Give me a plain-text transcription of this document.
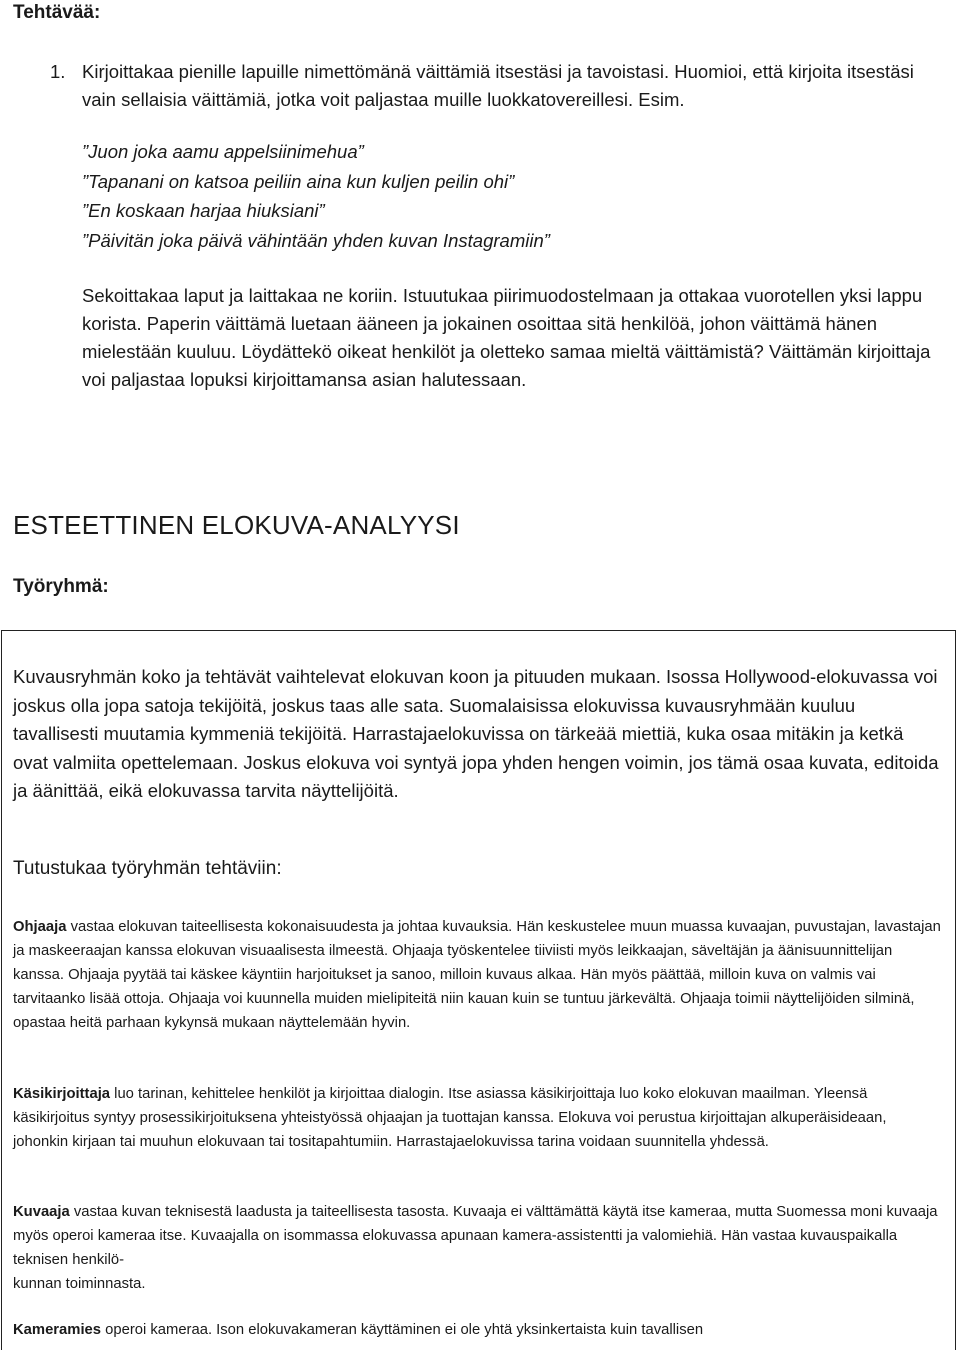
Tehtävää:
1. Kirjoittakaa pienille lapuille nimettömänä väittämiä itsestäsi ja tavoistasi. Huomioi, että kirjoita itsestäsi vain sellaisia väittämiä, jotka voit paljastaa muille luokkatovereillesi. Esim.
”Juon joka aamu appelsiinimehua”
”Tapanani on katsoa peiliin aina kun kuljen peilin ohi”
”En koskaan harjaa hiuksiani”
”Päivitän joka päivä vähintään yhden kuvan Instagramiin”
Sekoittakaa laput ja laittakaa ne koriin. Istuutukaa piirimuodostelmaan ja ottakaa vuorotellen yksi lappu korista. Paperin väittämä luetaan ääneen ja jokainen osoittaa sitä henkilöä, johon väittämä hänen mielestään kuuluu. Löydättekö oikeat henkilöt ja oletteko samaa mieltä väittämistä? Väittämän kirjoittaja voi paljastaa lopuksi kirjoittamansa asian halutessaan.
ESTEETTINEN ELOKUVA-ANALYYSI
Työryhmä:
Kuvausryhmän koko ja tehtävät vaihtelevat elokuvan koon ja pituuden mukaan. Isossa Hollywood-elokuvassa voi joskus olla jopa satoja tekijöitä, joskus taas alle sata. Suomalaisissa elokuvissa kuvausryhmään kuuluu tavallisesti muutamia kymmeniä tekijöitä. Harrastajaelokuvissa on tärkeää miettiä, kuka osaa mitäkin ja ketkä ovat valmiita opettelemaan. Joskus elokuva voi syntyä jopa yhden hengen voimin, jos tämä osaa kuvata, editoida ja äänittää, eikä elokuvassa tarvita näyttelijöitä.
Tutustukaa työryhmän tehtäviin:
Ohjaaja vastaa elokuvan taiteellisesta kokonaisuudesta ja johtaa kuvauksia. Hän keskustelee muun muassa kuvaajan, puvustajan, lavastajan ja maskeeraajan kanssa elokuvan visuaalisesta ilmeestä. Ohjaaja työskentelee tiiviisti myös leikkaajan, säveltäjän ja äänisuunnittelijan kanssa. Ohjaaja pyytää tai käskee käyntiin harjoitukset ja sanoo, milloin kuvaus alkaa. Hän myös päättää, milloin kuva on valmis vai tarvitaanko lisää ottoja. Ohjaaja voi kuunnella muiden mielipiteitä niin kauan kuin se tuntuu järkevältä. Ohjaaja toimii näyttelijöiden silminä, opastaa heitä parhaan kykynsä mukaan näyttelemään hyvin.
Käsikirjoittaja luo tarinan, kehittelee henkilöt ja kirjoittaa dialogin. Itse asiassa käsikirjoittaja luo koko elokuvan maailman. Yleensä käsikirjoitus syntyy prosessikirjoituksena yhteistyössä ohjaajan ja tuottajan kanssa. Elokuva voi perustua kirjoittajan alkuperäisideaan, johonkin kirjaan tai muuhun elokuvaan tai tositapahtumiin. Harrastajaelokuvissa tarina voidaan suunnitella yhdessä.
Kuvaaja vastaa kuvan teknisestä laadusta ja taiteellisesta tasosta. Kuvaaja ei välttämättä käytä itse kameraa, mutta Suomessa moni kuvaaja myös operoi kameraa itse. Kuvaajalla on isommassa elokuvassa apunaan kamera-assistentti ja valomiehiä. Hän vastaa kuvauspaikalla teknisen henkilö-
kunnan toiminnasta.
Kameramies operoi kameraa. Ison elokuvakameran käyttäminen ei ole yhtä yksinkertaista kuin tavallisen
